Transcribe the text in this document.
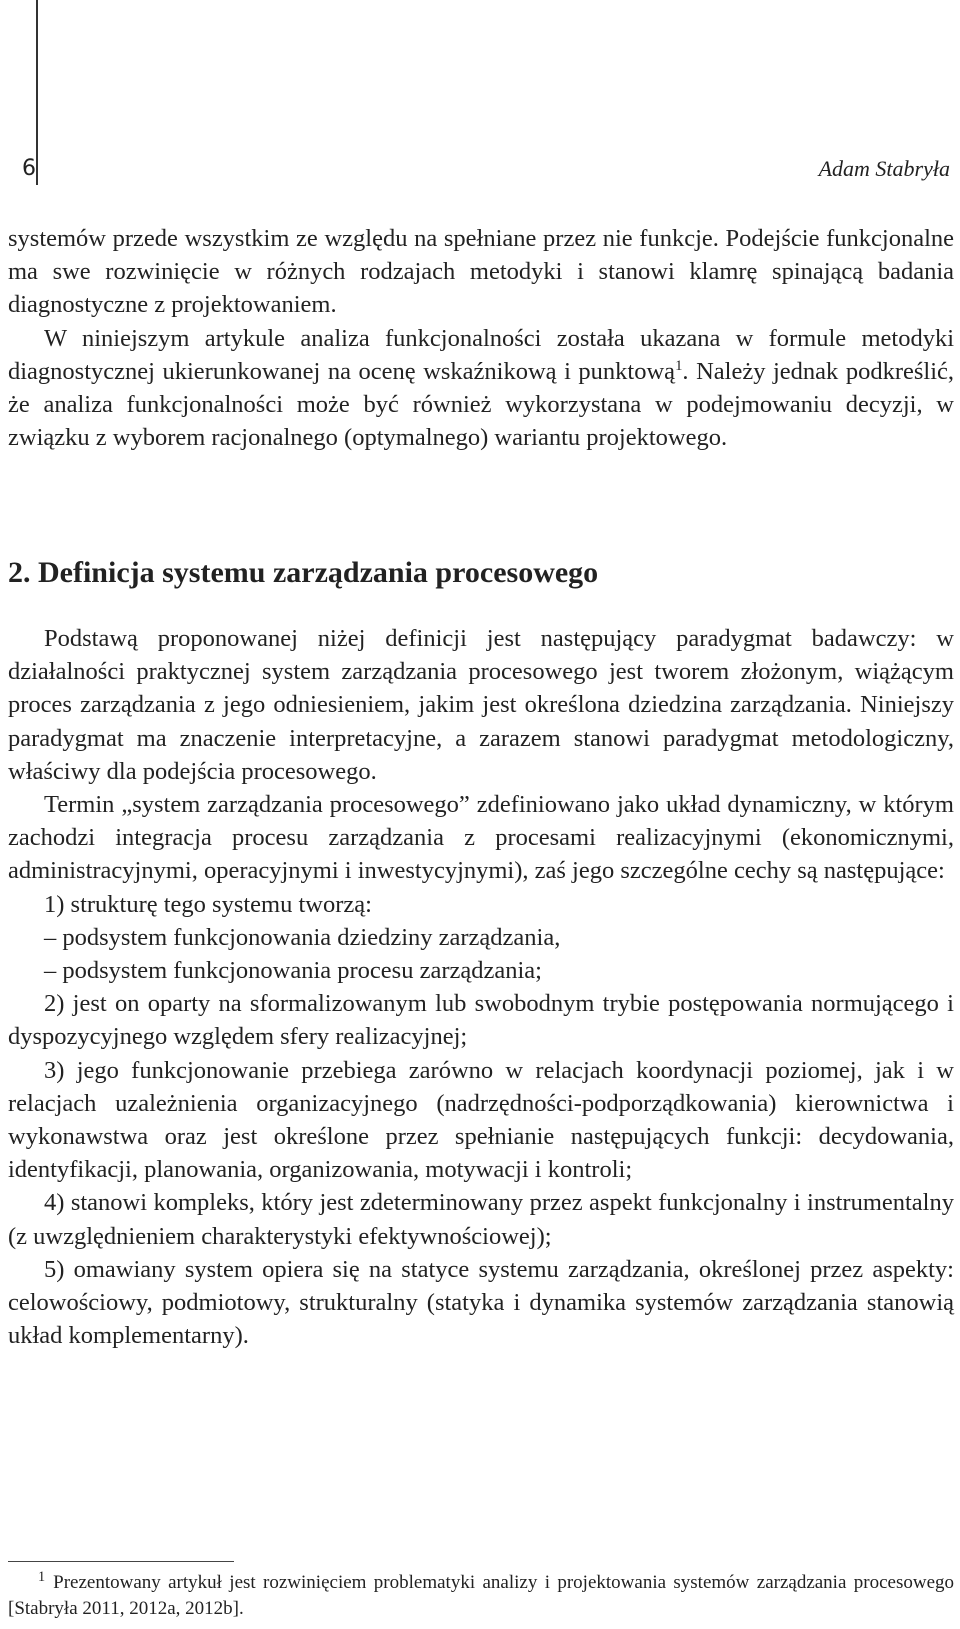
6	Adam Stabryła

systemów przede wszystkim ze względu na spełniane przez nie funkcje. Podejście funkcjonalne ma swe rozwinięcie w różnych rodzajach metodyki i stanowi klamrę spinającą badania diagnostyczne z projektowaniem.

W niniejszym artykule analiza funkcjonalności została ukazana w formule metodyki diagnostycznej ukierunkowanej na ocenę wskaźnikową i punktową$^1$. Należy jednak podkreślić, że analiza funkcjonalności może być również wykorzystana w podejmowaniu decyzji, w związku z wyborem racjonalnego (optymalnego) wariantu projektowego.

2. Definicja systemu zarządzania procesowego

Podstawą proponowanej niżej definicji jest następujący paradygmat badawczy: w działalności praktycznej system zarządzania procesowego jest tworem złożonym, wiążącym proces zarządzania z jego odniesieniem, jakim jest określona dziedzina zarządzania. Niniejszy paradygmat ma znaczenie interpretacyjne, a zarazem stanowi paradygmat metodologiczny, właściwy dla podejścia procesowego.

Termin „system zarządzania procesowego” zdefiniowano jako układ dynamiczny, w którym zachodzi integracja procesu zarządzania z procesami realizacyjnymi (ekonomicznymi, administracyjnymi, operacyjnymi i inwestycyjnymi), zaś jego szczególne cechy są następujące:

1) strukturę tego systemu tworzą:

– podsystem funkcjonowania dziedziny zarządzania,

– podsystem funkcjonowania procesu zarządzania;

2) jest on oparty na sformalizowanym lub swobodnym trybie postępowania normującego i dyspozycyjnego względem sfery realizacyjnej;

3) jego funkcjonowanie przebiega zarówno w relacjach koordynacji poziomej, jak i w relacjach uzależnienia organizacyjnego (nadrzędności-podporządkowania) kierownictwa i wykonawstwa oraz jest określone przez spełnianie następujących funkcji: decydowania, identyfikacji, planowania, organizowania, motywacji i kontroli;

4) stanowi kompleks, który jest zdeterminowany przez aspekt funkcjonalny i instrumentalny (z uwzględnieniem charakterystyki efektywnościowej);

5) omawiany system opiera się na statyce systemu zarządzania, określonej przez aspekty: celowościowy, podmiotowy, strukturalny (statyka i dynamika systemów zarządzania stanowią układ komplementarny).

$^1$ Prezentowany artykuł jest rozwinięciem problematyki analizy i projektowania systemów zarządzania procesowego [Stabryła 2011, 2012a, 2012b].
